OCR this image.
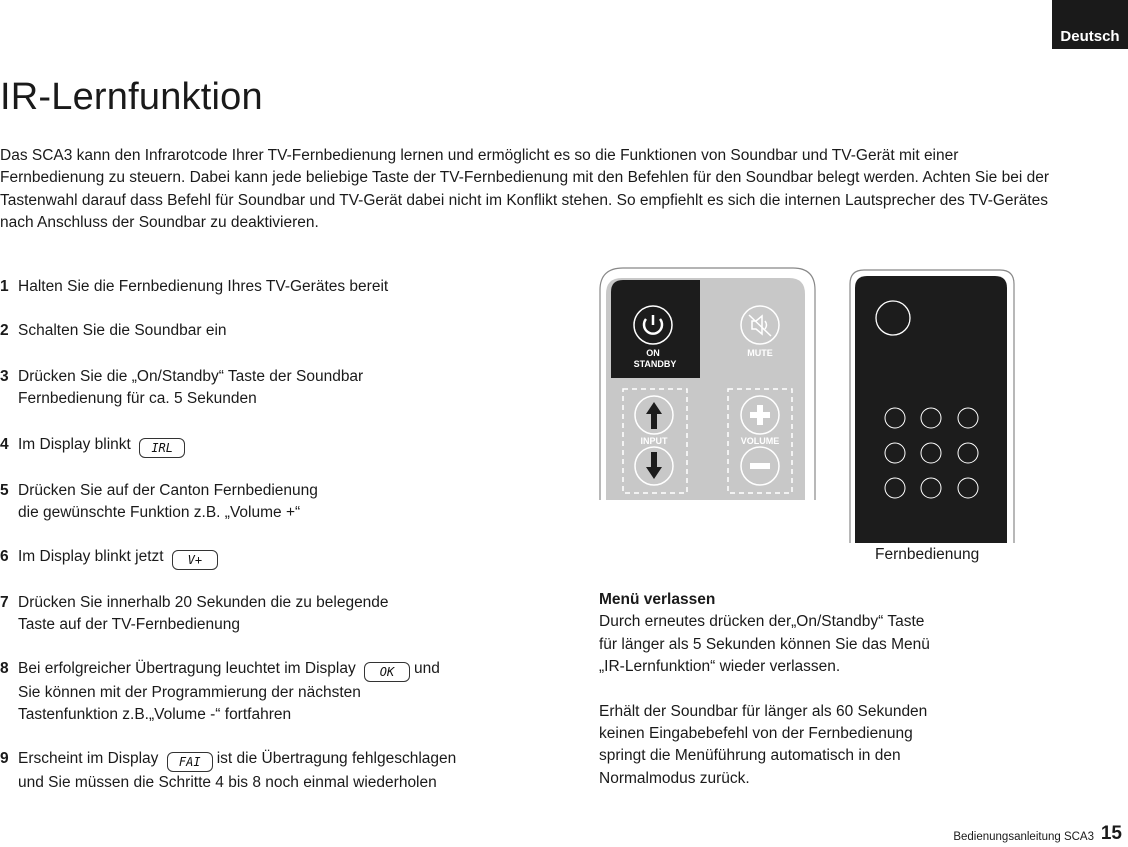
Deutsch
IR-Lernfunktion

Das SCA3 kann den Infrarotcode Ihrer TV-Fernbedienung lernen und ermöglicht es so die Funktionen von Soundbar und TV-Gerät mit einer Fernbedienung zu steuern. Dabei kann jede beliebige Taste der TV-Fernbedienung mit den Befehlen für den Soundbar belegt werden. Achten Sie bei der Tastenwahl darauf dass Befehl für Soundbar und TV-Gerät dabei nicht im Konflikt stehen. So empfiehlt es sich die internen Lautsprecher des TV-Gerätes nach Anschluss der Soundbar zu deaktivieren.

1 Halten Sie die Fernbedienung Ihres TV-Gerätes bereit
2 Schalten Sie die Soundbar ein
3 Drücken Sie die „On/Standby“ Taste der Soundbar
Fernbedienung für ca. 5 Sekunden
4 Im Display blinkt IRL
5 Drücken Sie auf der Canton Fernbedienung
die gewünschte Funktion z.B. „Volume +“
6 Im Display blinkt jetzt V+
7 Drücken Sie innerhalb 20 Sekunden die zu belegende
Taste auf der TV-Fernbedienung
8 Bei erfolgreicher Übertragung leuchtet im Display OK und
Sie können mit der Programmierung der nächsten
Tastenfunktion z.B.„Volume -“ fortfahren
9 Erscheint im Display FAI ist die Übertragung fehlgeschlagen
und Sie müssen die Schritte 4 bis 8 noch einmal wiederholen
ON
STANDBY
MUTE
INPUT	VOLUME
Fernbedienung
Menü verlassen

Durch erneutes drücken der„On/Standby“ Taste
für länger als 5 Sekunden können Sie das Menü
„IR-Lernfunktion“ wieder verlassen.

Erhält der Soundbar für länger als 60 Sekunden
keinen Eingabebefehl von der Fernbedienung
springt die Menüführung automatisch in den
Normalmodus zurück.

Bedienungsanleitung SCA3 15
